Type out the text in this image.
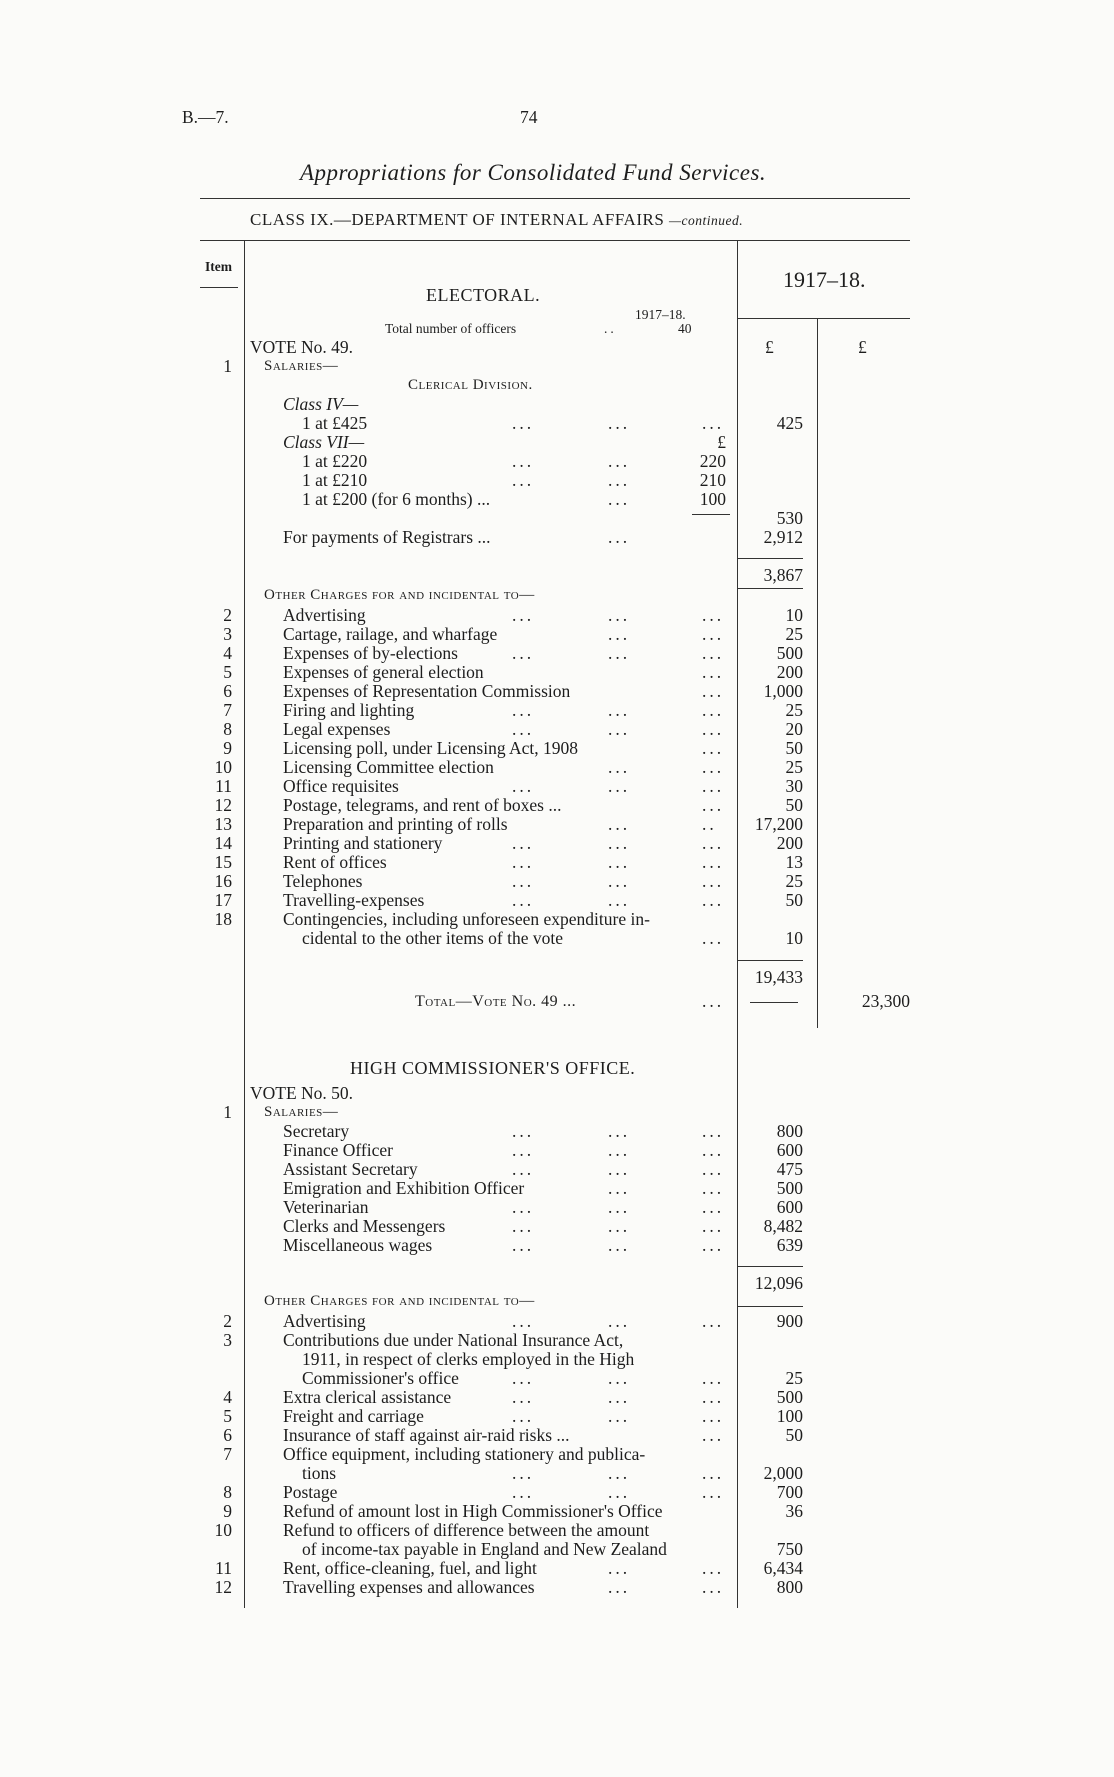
B.—7.	74
Appropriations for Consolidated Fund Services.
CLASS IX.—DEPARTMENT OF INTERNAL AFFAIRS —continued.
Item
1917–18.
ELECTORAL.
1917–18.
Total number of officers	..	40
VOTE No. 49.	£	£
1 Salaries—
Clerical Division.
Class IV—
1 at £425	...	...	...	425
Class VII—	£
1 at £220	...	...	220
1 at £210	...	...	210
1 at £200 (for 6 months) ...	...	100
530
For payments of Registrars ...	...	2,912
3,867
Other Charges for and incidental to—
2	Advertising	...	...	...	10
3	Cartage, railage, and wharfage	...	...	25
4	Expenses of by-elections	...	...	...	500
5	Expenses of general election	...	200
6	Expenses of Representation Commission	...	1,000
7	Firing and lighting	...	...	...	25
8	Legal expenses	...	...	...	20
9	Licensing poll, under Licensing Act, 1908	...	50
10	Licensing Committee election	...	...	25
11	Office requisites	...	...	...	30
12	Postage, telegrams, and rent of boxes ...	...	50
13	Preparation and printing of rolls	...	..	17,200
14	Printing and stationery	...	...	...	200
15	Rent of offices	...	...	...	13
16	Telephones	...	...	...	25
17	Travelling-expenses	...	...	...	50
18	Contingencies, including unforeseen expenditure in-
cidental to the other items of the vote	...	10
19,433
Total—Vote No. 49 ...	...	23,300
HIGH COMMISSIONER'S OFFICE.
VOTE No. 50.
1 Salaries—
Secretary	...	...	...	800
Finance Officer	...	...	...	600
Assistant Secretary	...	...	...	475
Emigration and Exhibition Officer	...	...	500
Veterinarian	...	...	...	600
Clerks and Messengers	...	...	...	8,482
Miscellaneous wages	...	...	...	639
12,096
Other Charges for and incidental to—
2	Advertising	...	...	...	900
3	Contributions due under National Insurance Act,
1911, in respect of clerks employed in the High
Commissioner's office	...	...	...	25
4	Extra clerical assistance	...	...	...	500
5	Freight and carriage	...	...	...	100
6	Insurance of staff against air-raid risks ...	...	50
7	Office equipment, including stationery and publica-
tions	...	...	...	2,000
8	Postage	...	...	...	700
9	Refund of amount lost in High Commissioner's Office	36
10	Refund to officers of difference between the amount
of income-tax payable in England and New Zealand	750
11	Rent, office-cleaning, fuel, and light	...	...	6,434
12	Travelling expenses and allowances	...	...	800
